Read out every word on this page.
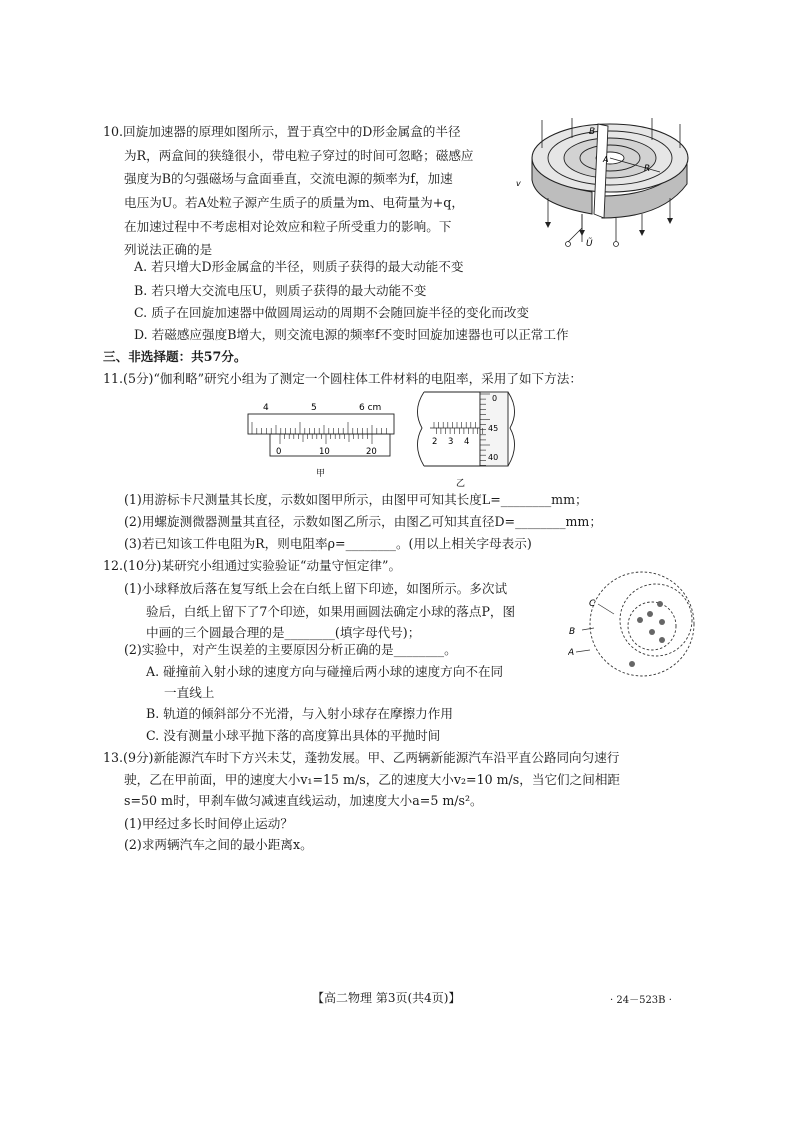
10.回旋加速器的原理如图所示，置于真空中的D形金属盒的半径
为R，两盒间的狭缝很小，带电粒子穿过的时间可忽略；磁感应
强度为B的匀强磁场与盒面垂直，交流电源的频率为f，加速
电压为U。若A处粒子源产生质子的质量为m、电荷量为+q，
在加速过程中不考虑相对论效应和粒子所受重力的影响。下
列说法正确的是
A. 若只增大D形金属盒的半径，则质子获得的最大动能不变
B. 若只增大交流电压U，则质子获得的最大动能不变
C. 质子在回旋加速器中做圆周运动的周期不会随回旋半径的变化而改变
D. 若磁感应强度B增大，则交流电源的频率f不变时回旋加速器也可以正常工作
B
A
R
v
Ũ
三、非选择题：共57分。
11.(5分)“伽利略”研究小组为了测定一个圆柱体工件材料的电阻率，采用了如下方法：
4	5	6 cm
0	10	20
甲
2 3 4
0
45
40
乙
(1)用游标卡尺测量其长度，示数如图甲所示，由图甲可知其长度L=________mm；
(2)用螺旋测微器测量其直径，示数如图乙所示，由图乙可知其直径D=________mm；
(3)若已知该工件电阻为R，则电阻率ρ=________。(用以上相关字母表示)
12.(10分)某研究小组通过实验验证“动量守恒定律”。
(1)小球释放后落在复写纸上会在白纸上留下印迹，如图所示。多次试
验后，白纸上留下了7个印迹，如果用画圆法确定小球的落点P，图
中画的三个圆最合理的是________(填字母代号)；
(2)实验中，对产生误差的主要原因分析正确的是________。
A. 碰撞前入射小球的速度方向与碰撞后两小球的速度方向不在同
一直线上
B. 轨道的倾斜部分不光滑，与入射小球存在摩擦力作用
C. 没有测量小球平抛下落的高度算出具体的平抛时间
C
B
A
13.(9分)新能源汽车时下方兴未艾，蓬勃发展。甲、乙两辆新能源汽车沿平直公路同向匀速行
驶，乙在甲前面，甲的速度大小v₁=15 m/s，乙的速度大小v₂=10 m/s，当它们之间相距
s=50 m时，甲刹车做匀减速直线运动，加速度大小a=5 m/s²。
(1)甲经过多长时间停止运动？
(2)求两辆汽车之间的最小距离x。
【高二物理 第3页(共4页)】	· 24－523B ·
